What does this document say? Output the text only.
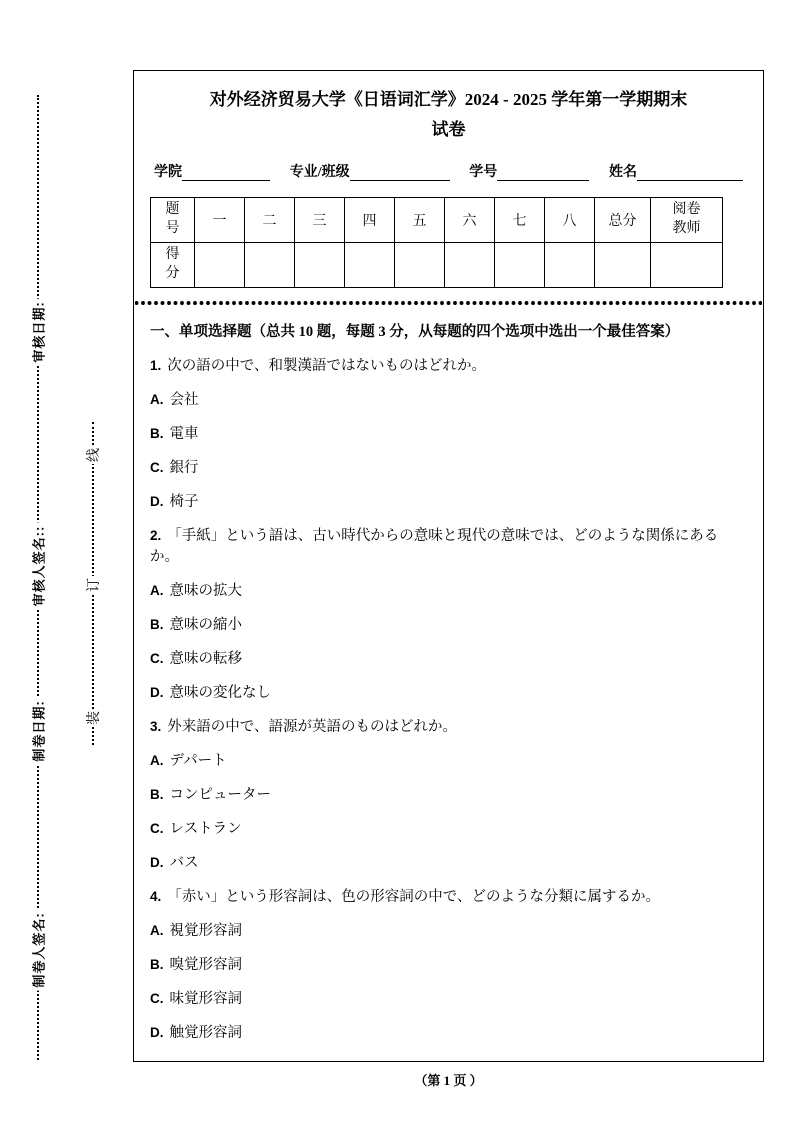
审核日期:
审核人签名::
制卷日期:
制卷人签名:
线
订
装
对外经济贸易大学《日语词汇学》2024 - 2025 学年第一学期期末
试卷
学院	专业/班级	学号	姓名
题号	一	二	三	四	五	六	七	八	总分	阅卷教师
得分										
一、单项选择题（总共 10 题，每题 3 分，从每题的四个选项中选出一个最佳答案）
1. 次の語の中で、和製漢語ではないものはどれか。
A. 会社
B. 電車
C. 銀行
D. 椅子
2. 「手紙」という語は、古い時代からの意味と現代の意味では、どのような関係にあるか。
A. 意味の拡大
B. 意味の縮小
C. 意味の転移
D. 意味の変化なし
3. 外来語の中で、語源が英語のものはどれか。
A. デパート
B. コンピューター
C. レストラン
D. バス
4. 「赤い」という形容詞は、色の形容詞の中で、どのような分類に属するか。
A. 視覚形容詞
B. 嗅覚形容詞
C. 味覚形容詞
D. 触覚形容詞
（第 1 页 ）
